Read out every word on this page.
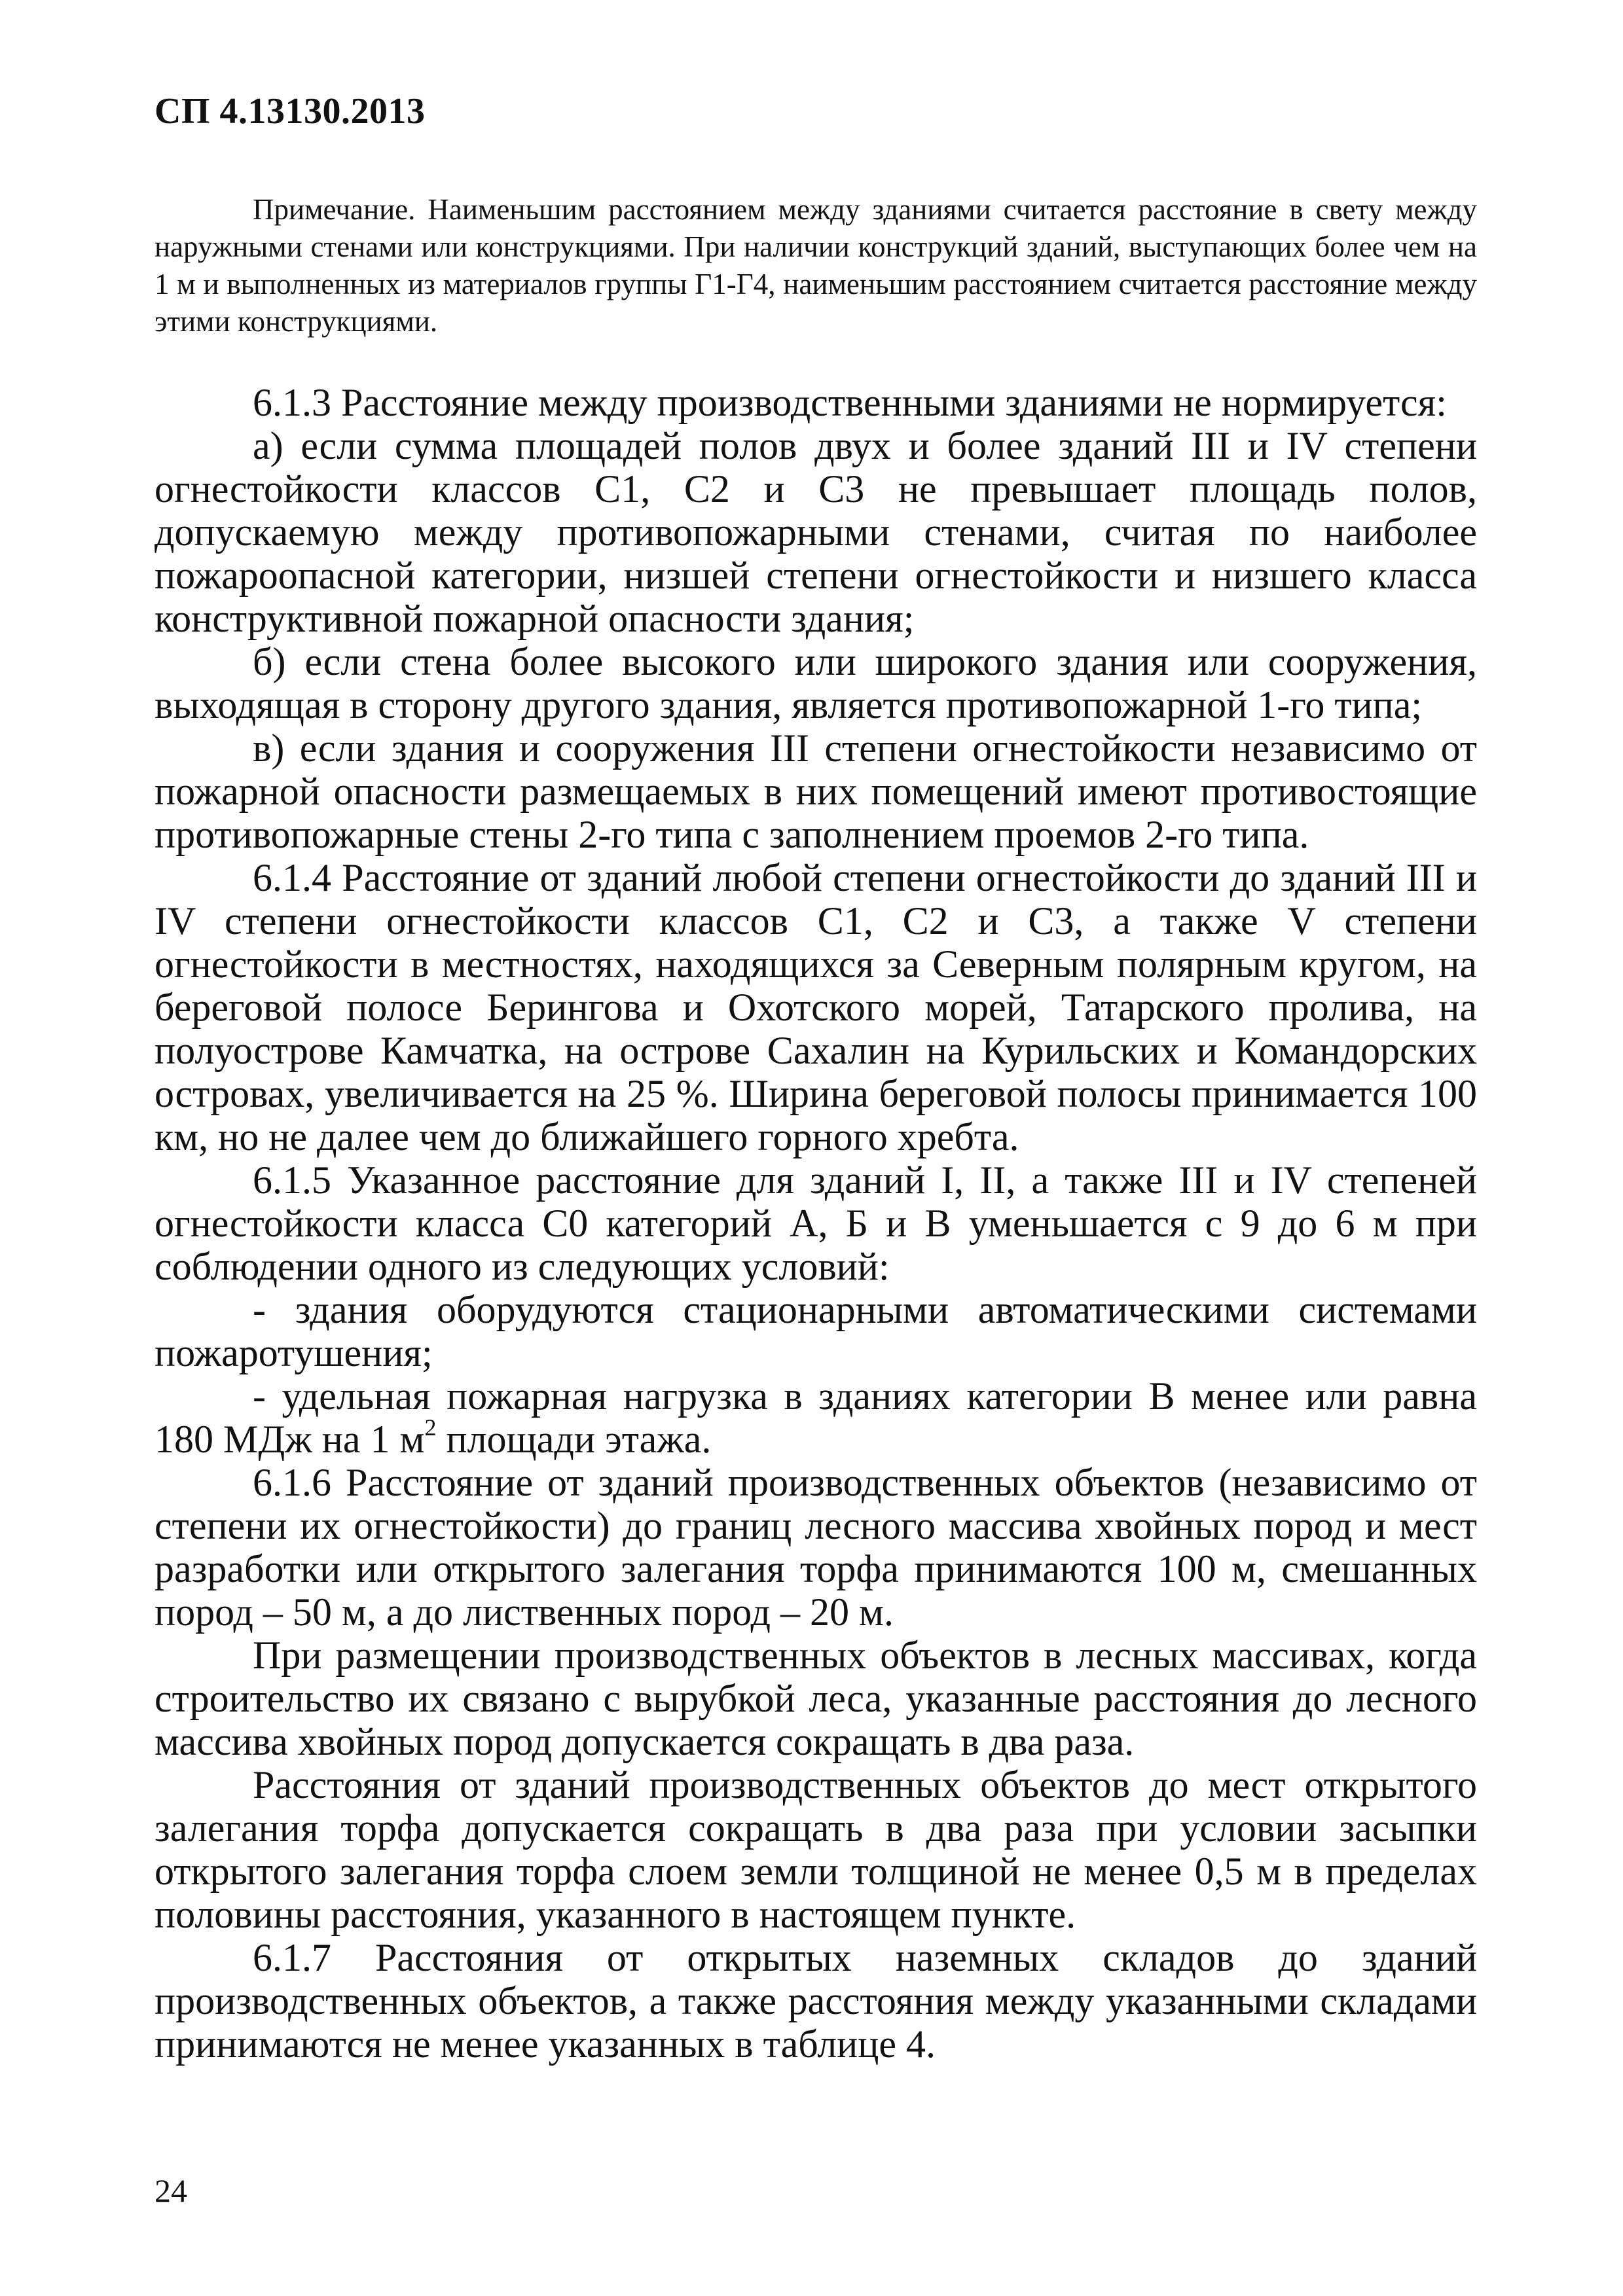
СП 4.13130.2013

Примечание. Наименьшим расстоянием между зданиями считается расстояние в свету между наружными стенами или конструкциями. При наличии конструкций зданий, выступающих более чем на 1 м и выполненных из материалов группы Г1-Г4, наименьшим расстоянием считается расстояние между этими конструкциями.

6.1.3 Расстояние между производственными зданиями не нормируется:

а) если сумма площадей полов двух и более зданий III и IV степени огнестойкости классов С1, С2 и С3 не превышает площадь полов, допускаемую между противопожарными стенами, считая по наиболее пожароопасной категории, низшей степени огнестойкости и низшего класса конструктивной пожарной опасности здания;

б) если стена более высокого или широкого здания или сооружения, выходящая в сторону другого здания, является противопожарной 1-го типа;

в) если здания и сооружения III степени огнестойкости независимо от пожарной опасности размещаемых в них помещений имеют противостоящие противопожарные стены 2-го типа с заполнением проемов 2-го типа.

6.1.4 Расстояние от зданий любой степени огнестойкости до зданий III и IV степени огнестойкости классов С1, С2 и С3, а также V степени огнестойкости в местностях, находящихся за Северным полярным кругом, на береговой полосе Берингова и Охотского морей, Татарского пролива, на полуострове Камчатка, на острове Сахалин на Курильских и Командорских островах, увеличивается на 25 %. Ширина береговой полосы принимается 100 км, но не далее чем до ближайшего горного хребта.

6.1.5 Указанное расстояние для зданий I, II, а также III и IV степеней огнестойкости класса С0 категорий А, Б и В уменьшается с 9 до 6 м при соблюдении одного из следующих условий:

- здания оборудуются стационарными автоматическими системами пожаротушения;

- удельная пожарная нагрузка в зданиях категории В менее или равна 180 МДж на 1 $м^2$ площади этажа.

6.1.6 Расстояние от зданий производственных объектов (независимо от степени их огнестойкости) до границ лесного массива хвойных пород и мест разработки или открытого залегания торфа принимаются 100 м, смешанных пород – 50 м, а до лиственных пород – 20 м.

При размещении производственных объектов в лесных массивах, когда строительство их связано с вырубкой леса, указанные расстояния до лесного массива хвойных пород допускается сокращать в два раза.

Расстояния от зданий производственных объектов до мест открытого залегания торфа допускается сокращать в два раза при условии засыпки открытого залегания торфа слоем земли толщиной не менее 0,5 м в пределах половины расстояния, указанного в настоящем пункте.

6.1.7 Расстояния от открытых наземных складов до зданий производственных объектов, а также расстояния между указанными складами принимаются не менее указанных в таблице 4.

24
